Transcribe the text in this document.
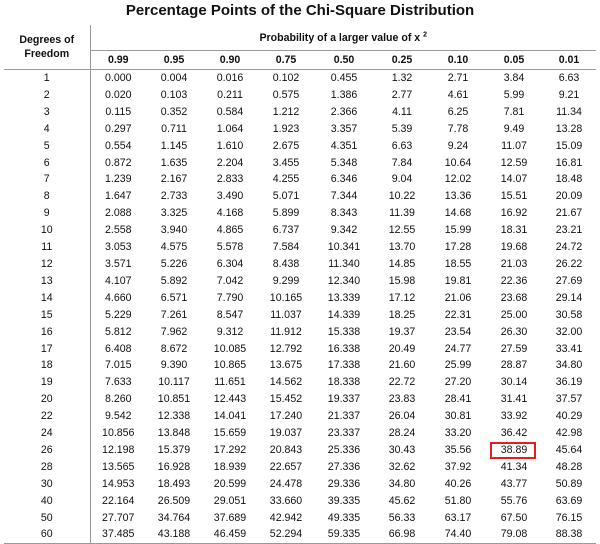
Percentage Points of the Chi-Square Distribution
Degrees of
Freedom	Probability of a larger value of x $^2$
	0.99	0.95	0.90	0.75	0.50	0.25	0.10	0.05	0.01
1	0.000	0.004	0.016	0.102	0.455	1.32	2.71	3.84	6.63
2	0.020	0.103	0.211	0.575	1.386	2.77	4.61	5.99	9.21
3	0.115	0.352	0.584	1.212	2.366	4.11	6.25	7.81	11.34
4	0.297	0.711	1.064	1.923	3.357	5.39	7.78	9.49	13.28
5	0.554	1.145	1.610	2.675	4.351	6.63	9.24	11.07	15.09
6	0.872	1.635	2.204	3.455	5.348	7.84	10.64	12.59	16.81
7	1.239	2.167	2.833	4.255	6.346	9.04	12.02	14.07	18.48
8	1.647	2.733	3.490	5.071	7.344	10.22	13.36	15.51	20.09
9	2.088	3.325	4.168	5.899	8.343	11.39	14.68	16.92	21.67
10	2.558	3.940	4.865	6.737	9.342	12.55	15.99	18.31	23.21
11	3.053	4.575	5.578	7.584	10.341	13.70	17.28	19.68	24.72
12	3.571	5.226	6.304	8.438	11.340	14.85	18.55	21.03	26.22
13	4.107	5.892	7.042	9.299	12.340	15.98	19.81	22.36	27.69
14	4.660	6.571	7.790	10.165	13.339	17.12	21.06	23.68	29.14
15	5.229	7.261	8.547	11.037	14.339	18.25	22.31	25.00	30.58
16	5.812	7.962	9.312	11.912	15.338	19.37	23.54	26.30	32.00
17	6.408	8.672	10.085	12.792	16.338	20.49	24.77	27.59	33.41
18	7.015	9.390	10.865	13.675	17.338	21.60	25.99	28.87	34.80
19	7.633	10.117	11.651	14.562	18.338	22.72	27.20	30.14	36.19
20	8.260	10.851	12.443	15.452	19.337	23.83	28.41	31.41	37.57
22	9.542	12.338	14.041	17.240	21.337	26.04	30.81	33.92	40.29
24	10.856	13.848	15.659	19.037	23.337	28.24	33.20	36.42	42.98
26	12.198	15.379	17.292	20.843	25.336	30.43	35.56	38.89	45.64
28	13.565	16.928	18.939	22.657	27.336	32.62	37.92	41.34	48.28
30	14.953	18.493	20.599	24.478	29.336	34.80	40.26	43.77	50.89
40	22.164	26.509	29.051	33.660	39.335	45.62	51.80	55.76	63.69
50	27.707	34.764	37.689	42.942	49.335	56.33	63.17	67.50	76.15
60	37.485	43.188	46.459	52.294	59.335	66.98	74.40	79.08	88.38
